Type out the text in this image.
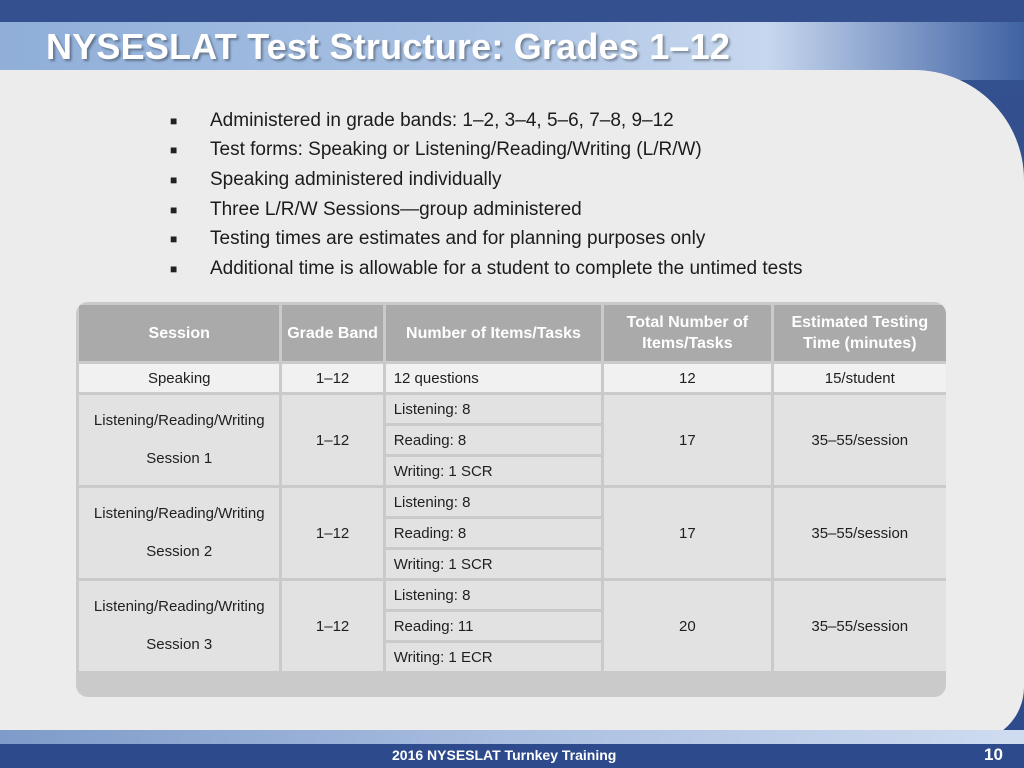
NYSESLAT Test Structure: Grades 1–12
■	Administered in grade bands: 1–2, 3–4, 5–6, 7–8, 9–12
■	Test forms: Speaking or Listening/Reading/Writing (L/R/W)
■	Speaking administered individually
■	Three L/R/W Sessions—group administered
■	Testing times are estimates and for planning purposes only
■	Additional time is allowable for a student to complete the untimed tests
Session	Grade Band	Number of Items/Tasks	Total Number of Items/Tasks	Estimated Testing Time (minutes)
Speaking	1–12	12 questions	12	15/student
Listening/Reading/Writing
Session 1	1–12	Listening: 8	17	35–55/session
		Reading: 8		
		Writing: 1 SCR		
Listening/Reading/Writing
Session 2	1–12	Listening: 8	17	35–55/session
		Reading: 8		
		Writing: 1 SCR		
Listening/Reading/Writing
Session 3	1–12	Listening: 8	20	35–55/session
		Reading: 11		
		Writing: 1 ECR		
2016 NYSESLAT Turnkey Training	10
